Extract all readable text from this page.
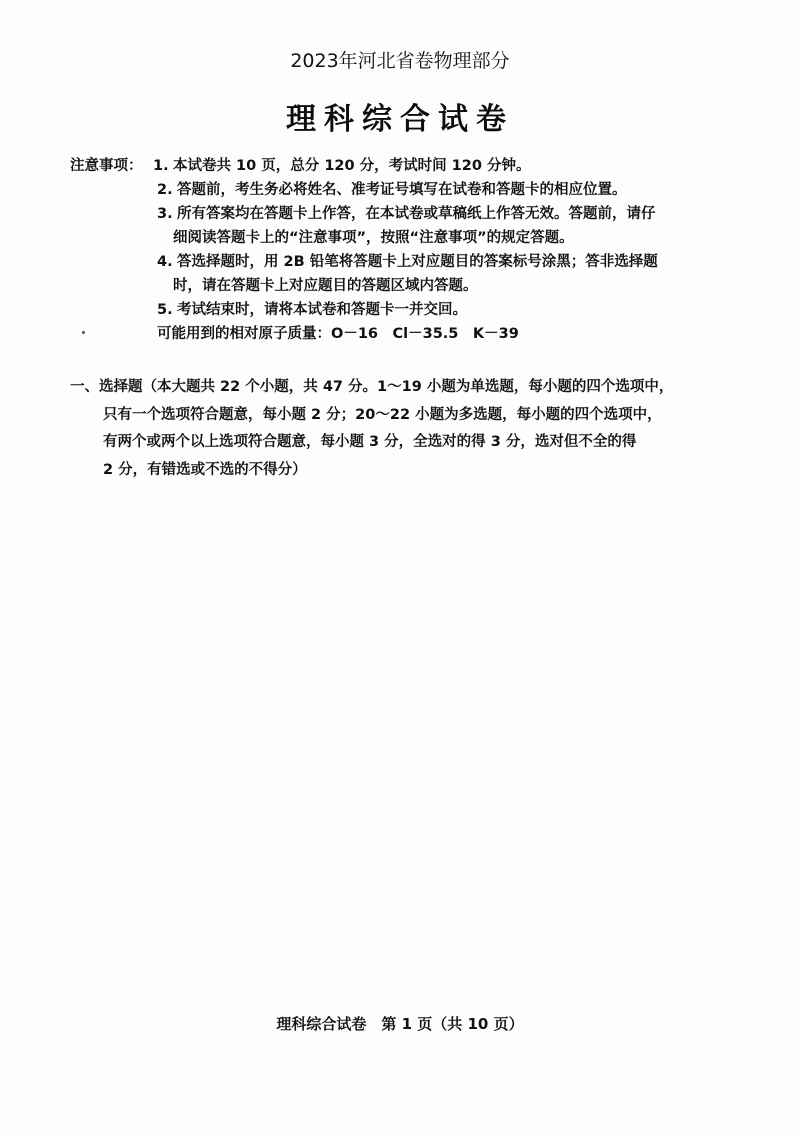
2023年河北省卷物理部分
理科综合试卷
注意事项： 1. 本试卷共 10 页，总分 120 分，考试时间 120 分钟。
2. 答题前，考生务必将姓名、准考证号填写在试卷和答题卡的相应位置。
3. 所有答案均在答题卡上作答，在本试卷或草稿纸上作答无效。答题前，请仔
细阅读答题卡上的“注意事项”，按照“注意事项”的规定答题。
4. 答选择题时，用 2B 铅笔将答题卡上对应题目的答案标号涂黑；答非选择题
时，请在答题卡上对应题目的答题区域内答题。
5. 考试结束时，请将本试卷和答题卡一并交回。
可能用到的相对原子质量：O－16　Cl－35.5　K－39
一、选择题（本大题共 22 个小题，共 47 分。1～19 小题为单选题，每小题的四个选项中，
只有一个选项符合题意，每小题 2 分；20～22 小题为多选题，每小题的四个选项中，
有两个或两个以上选项符合题意，每小题 3 分，全选对的得 3 分，选对但不全的得
2 分，有错选或不选的不得分）
理科综合试卷　第 1 页（共 10 页）
